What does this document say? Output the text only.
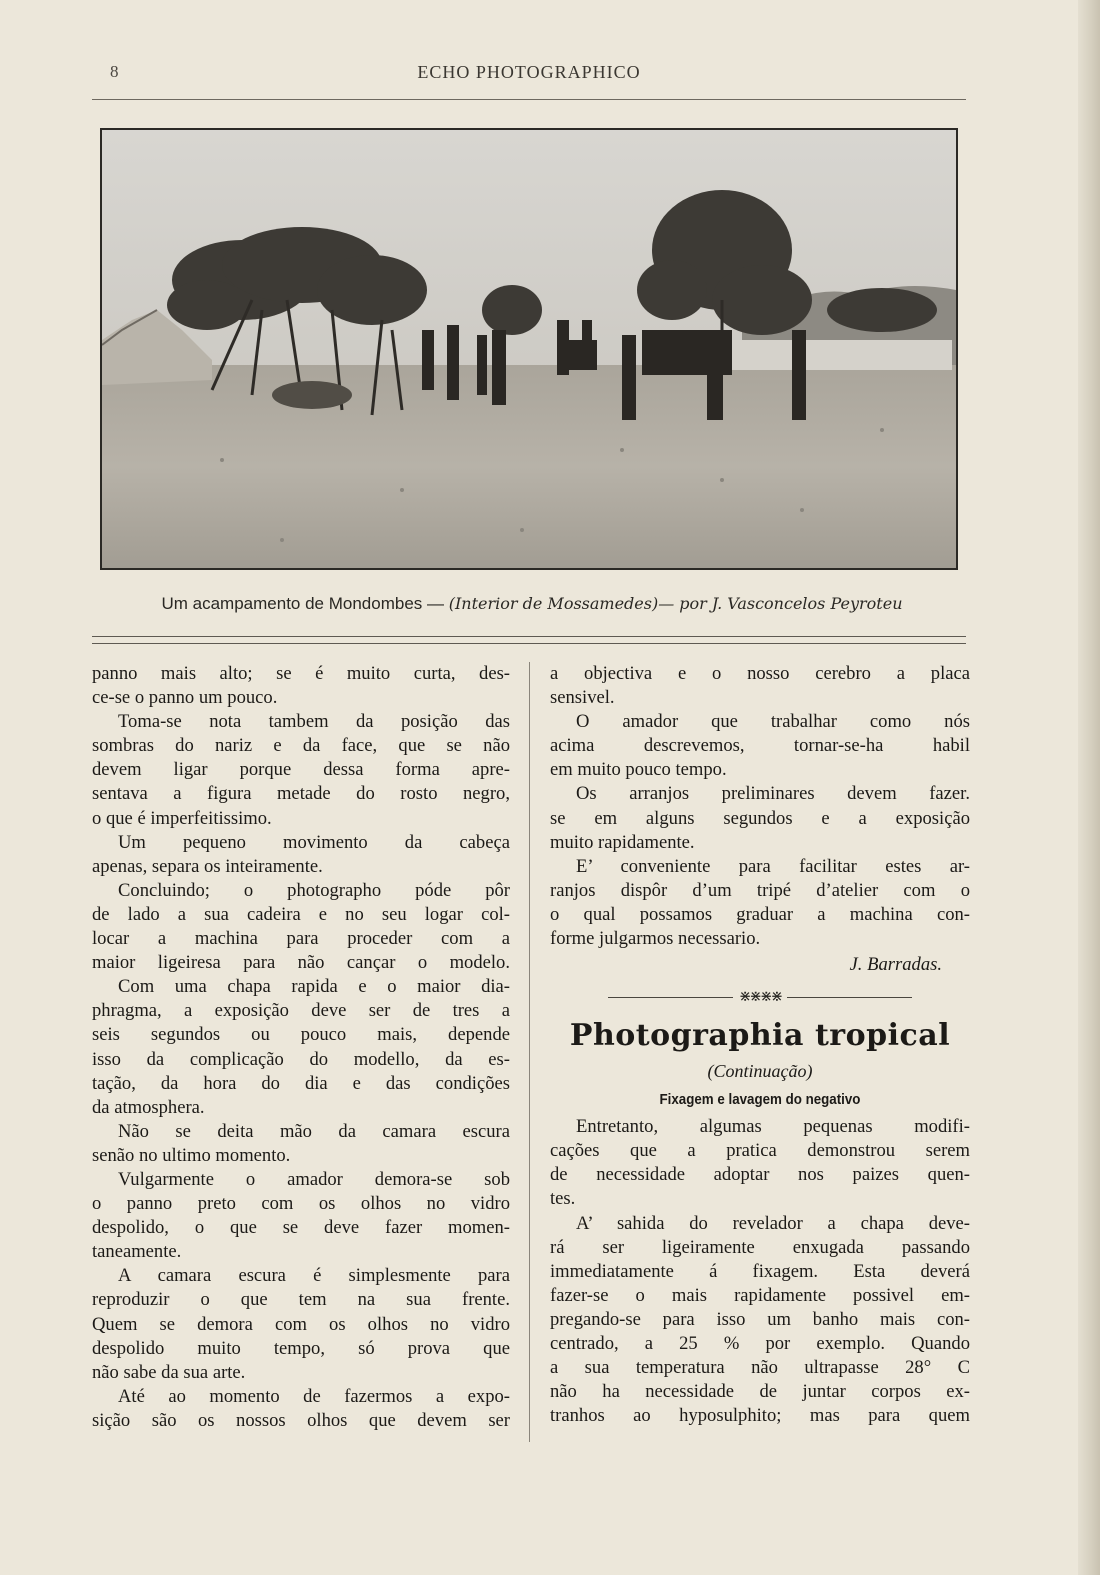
8	ECHO PHOTOGRAPHICO
Um acampamento de Mondombes — (Interior de Mossamedes)— por J. Vasconcelos Peyroteu
panno mais alto; se é muito curta, des-
ce-se o panno um pouco.
Toma-se nota tambem da posição das
sombras do nariz e da face, que se não
devem ligar porque dessa forma apre-
sentava a figura metade do rosto negro,
o que é imperfeitissimo.
Um pequeno movimento da cabeça
apenas, separa os inteiramente.
Concluindo; o photographo póde pôr
de lado a sua cadeira e no seu logar col-
locar a machina para proceder com a
maior ligeiresa para não cançar o modelo.
Com uma chapa rapida e o maior dia-
phragma, a exposição deve ser de tres a
seis segundos ou pouco mais, depende
isso da complicação do modello, da es-
tação, da hora do dia e das condições
da atmosphera.
Não se deita mão da camara escura
senão no ultimo momento.
Vulgarmente o amador demora-se sob
o panno preto com os olhos no vidro
despolido, o que se deve fazer momen-
taneamente.
A camara escura é simplesmente para
reproduzir o que tem na sua frente.
Quem se demora com os olhos no vidro
despolido muito tempo, só prova que
não sabe da sua arte.
Até ao momento de fazermos a expo-
sição são os nossos olhos que devem ser
a objectiva e o nosso cerebro a placa
sensivel.
O amador que trabalhar como nós
acima descrevemos, tornar-se-ha habil
em muito pouco tempo.
Os arranjos preliminares devem fazer.
se em alguns segundos e a exposição
muito rapidamente.
E’ conveniente para facilitar estes ar-
ranjos dispôr d’um tripé d’atelier com o
o qual possamos graduar a machina con-
forme julgarmos necessario.
J. Barradas.
⋇⋇⋇⋇
Photographia tropical
(Continuação)
Fixagem e lavagem do negativo
Entretanto, algumas pequenas modifi-
cações que a pratica demonstrou serem
de necessidade adoptar nos paizes quen-
tes.
A’ sahida do revelador a chapa deve-
rá ser ligeiramente enxugada passando
immediatamente á fixagem. Esta deverá
fazer-se o mais rapidamente possivel em-
pregando-se para isso um banho mais con-
centrado, a 25 % por exemplo. Quando
a sua temperatura não ultrapasse 28° C
não ha necessidade de juntar corpos ex-
tranhos ao hyposulphito; mas para quem
